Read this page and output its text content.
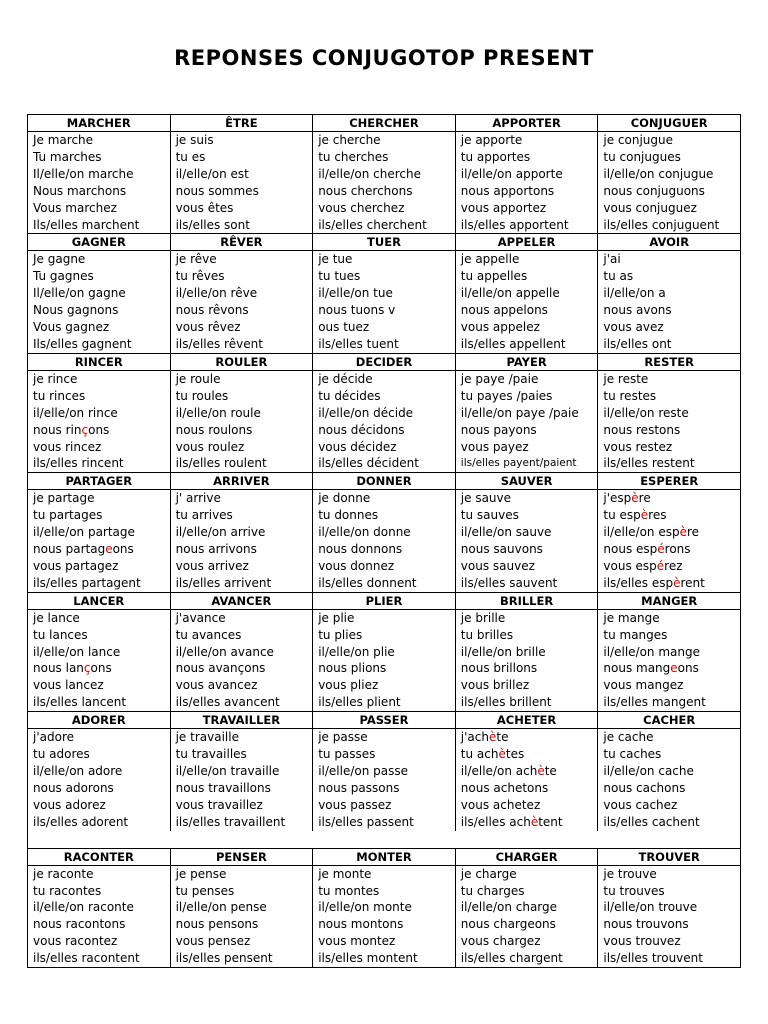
REPONSES CONJUGOTOP PRESENT
MARCHER
Je marche
Tu marches
Il/elle/on marche
Nous marchons
Vous marchez
Ils/elles marchent
ÊTRE
je suis
tu es
il/elle/on est
nous sommes
vous êtes
ils/elles sont
CHERCHER
je cherche
tu cherches
il/elle/on cherche
nous cherchons
vous cherchez
ils/elles cherchent
APPORTER
je apporte
tu apportes
il/elle/on apporte
nous apportons
vous apportez
ils/elles apportent
CONJUGUER
je conjugue
tu conjugues
il/elle/on conjugue
nous conjuguons
vous conjuguez
ils/elles conjuguent
GAGNER
Je gagne
Tu gagnes
Il/elle/on gagne
Nous gagnons
Vous gagnez
Ils/elles gagnent
RÊVER
je rêve
tu rêves
il/elle/on rêve
nous rêvons
vous rêvez
ils/elles rêvent
TUER
je tue
tu tues
il/elle/on tue
nous tuons v
ous tuez
ils/elles tuent
APPELER
je appelle
tu appelles
il/elle/on appelle
nous appelons
vous appelez
ils/elles appellent
AVOIR
j'ai
tu as
il/elle/on a
nous avons
vous avez
ils/elles ont
RINCER
je rince
tu rinces
il/elle/on rince
nous rinçons
vous rincez
ils/elles rincent
ROULER
je roule
tu roules
il/elle/on roule
nous roulons
vous roulez
ils/elles roulent
DECIDER
je décide
tu décides
il/elle/on décide
nous décidons
vous décidez
ils/elles décident
PAYER
je paye /paie
tu payes /paies
il/elle/on paye /paie
nous payons
vous payez
ils/elles payent/paient
RESTER
je reste
tu restes
il/elle/on reste
nous restons
vous restez
ils/elles restent
PARTAGER
je partage
tu partages
il/elle/on partage
nous partageons
vous partagez
ils/elles partagent
ARRIVER
j' arrive
tu arrives
il/elle/on arrive
nous arrivons
vous arrivez
ils/elles arrivent
DONNER
je donne
tu donnes
il/elle/on donne
nous donnons
vous donnez
ils/elles donnent
SAUVER
je sauve
tu sauves
il/elle/on sauve
nous sauvons
vous sauvez
ils/elles sauvent
ESPERER
j'espère
tu espères
il/elle/on espère
nous espérons
vous espérez
ils/elles espèrent
LANCER
je lance
tu lances
il/elle/on lance
nous lançons
vous lancez
ils/elles lancent
AVANCER
j'avance
tu avances
il/elle/on avance
nous avançons
vous avancez
ils/elles avancent
PLIER
je plie
tu plies
il/elle/on plie
nous plions
vous pliez
ils/elles plient
BRILLER
je brille
tu brilles
il/elle/on brille
nous brillons
vous brillez
ils/elles brillent
MANGER
je mange
tu manges
il/elle/on mange
nous mangeons
vous mangez
ils/elles mangent
ADORER
j'adore
tu adores
il/elle/on adore
nous adorons
vous adorez
ils/elles adorent
TRAVAILLER
je travaille
tu travailles
il/elle/on travaille
nous travaillons
vous travaillez
ils/elles travaillent
PASSER
je passe
tu passes
il/elle/on passe
nous passons
vous passez
ils/elles passent
ACHETER
j'achète
tu achètes
il/elle/on achète
nous achetons
vous achetez
ils/elles achètent
CACHER
je cache
tu caches
il/elle/on cache
nous cachons
vous cachez
ils/elles cachent
RACONTER
je raconte
tu racontes
il/elle/on raconte
nous racontons
vous racontez
ils/elles racontent
PENSER
je pense
tu penses
il/elle/on pense
nous pensons
vous pensez
ils/elles pensent
MONTER
je monte
tu montes
il/elle/on monte
nous montons
vous montez
ils/elles montent
CHARGER
je charge
tu charges
il/elle/on charge
nous chargeons
vous chargez
ils/elles chargent
TROUVER
je trouve
tu trouves
il/elle/on trouve
nous trouvons
vous trouvez
ils/elles trouvent
